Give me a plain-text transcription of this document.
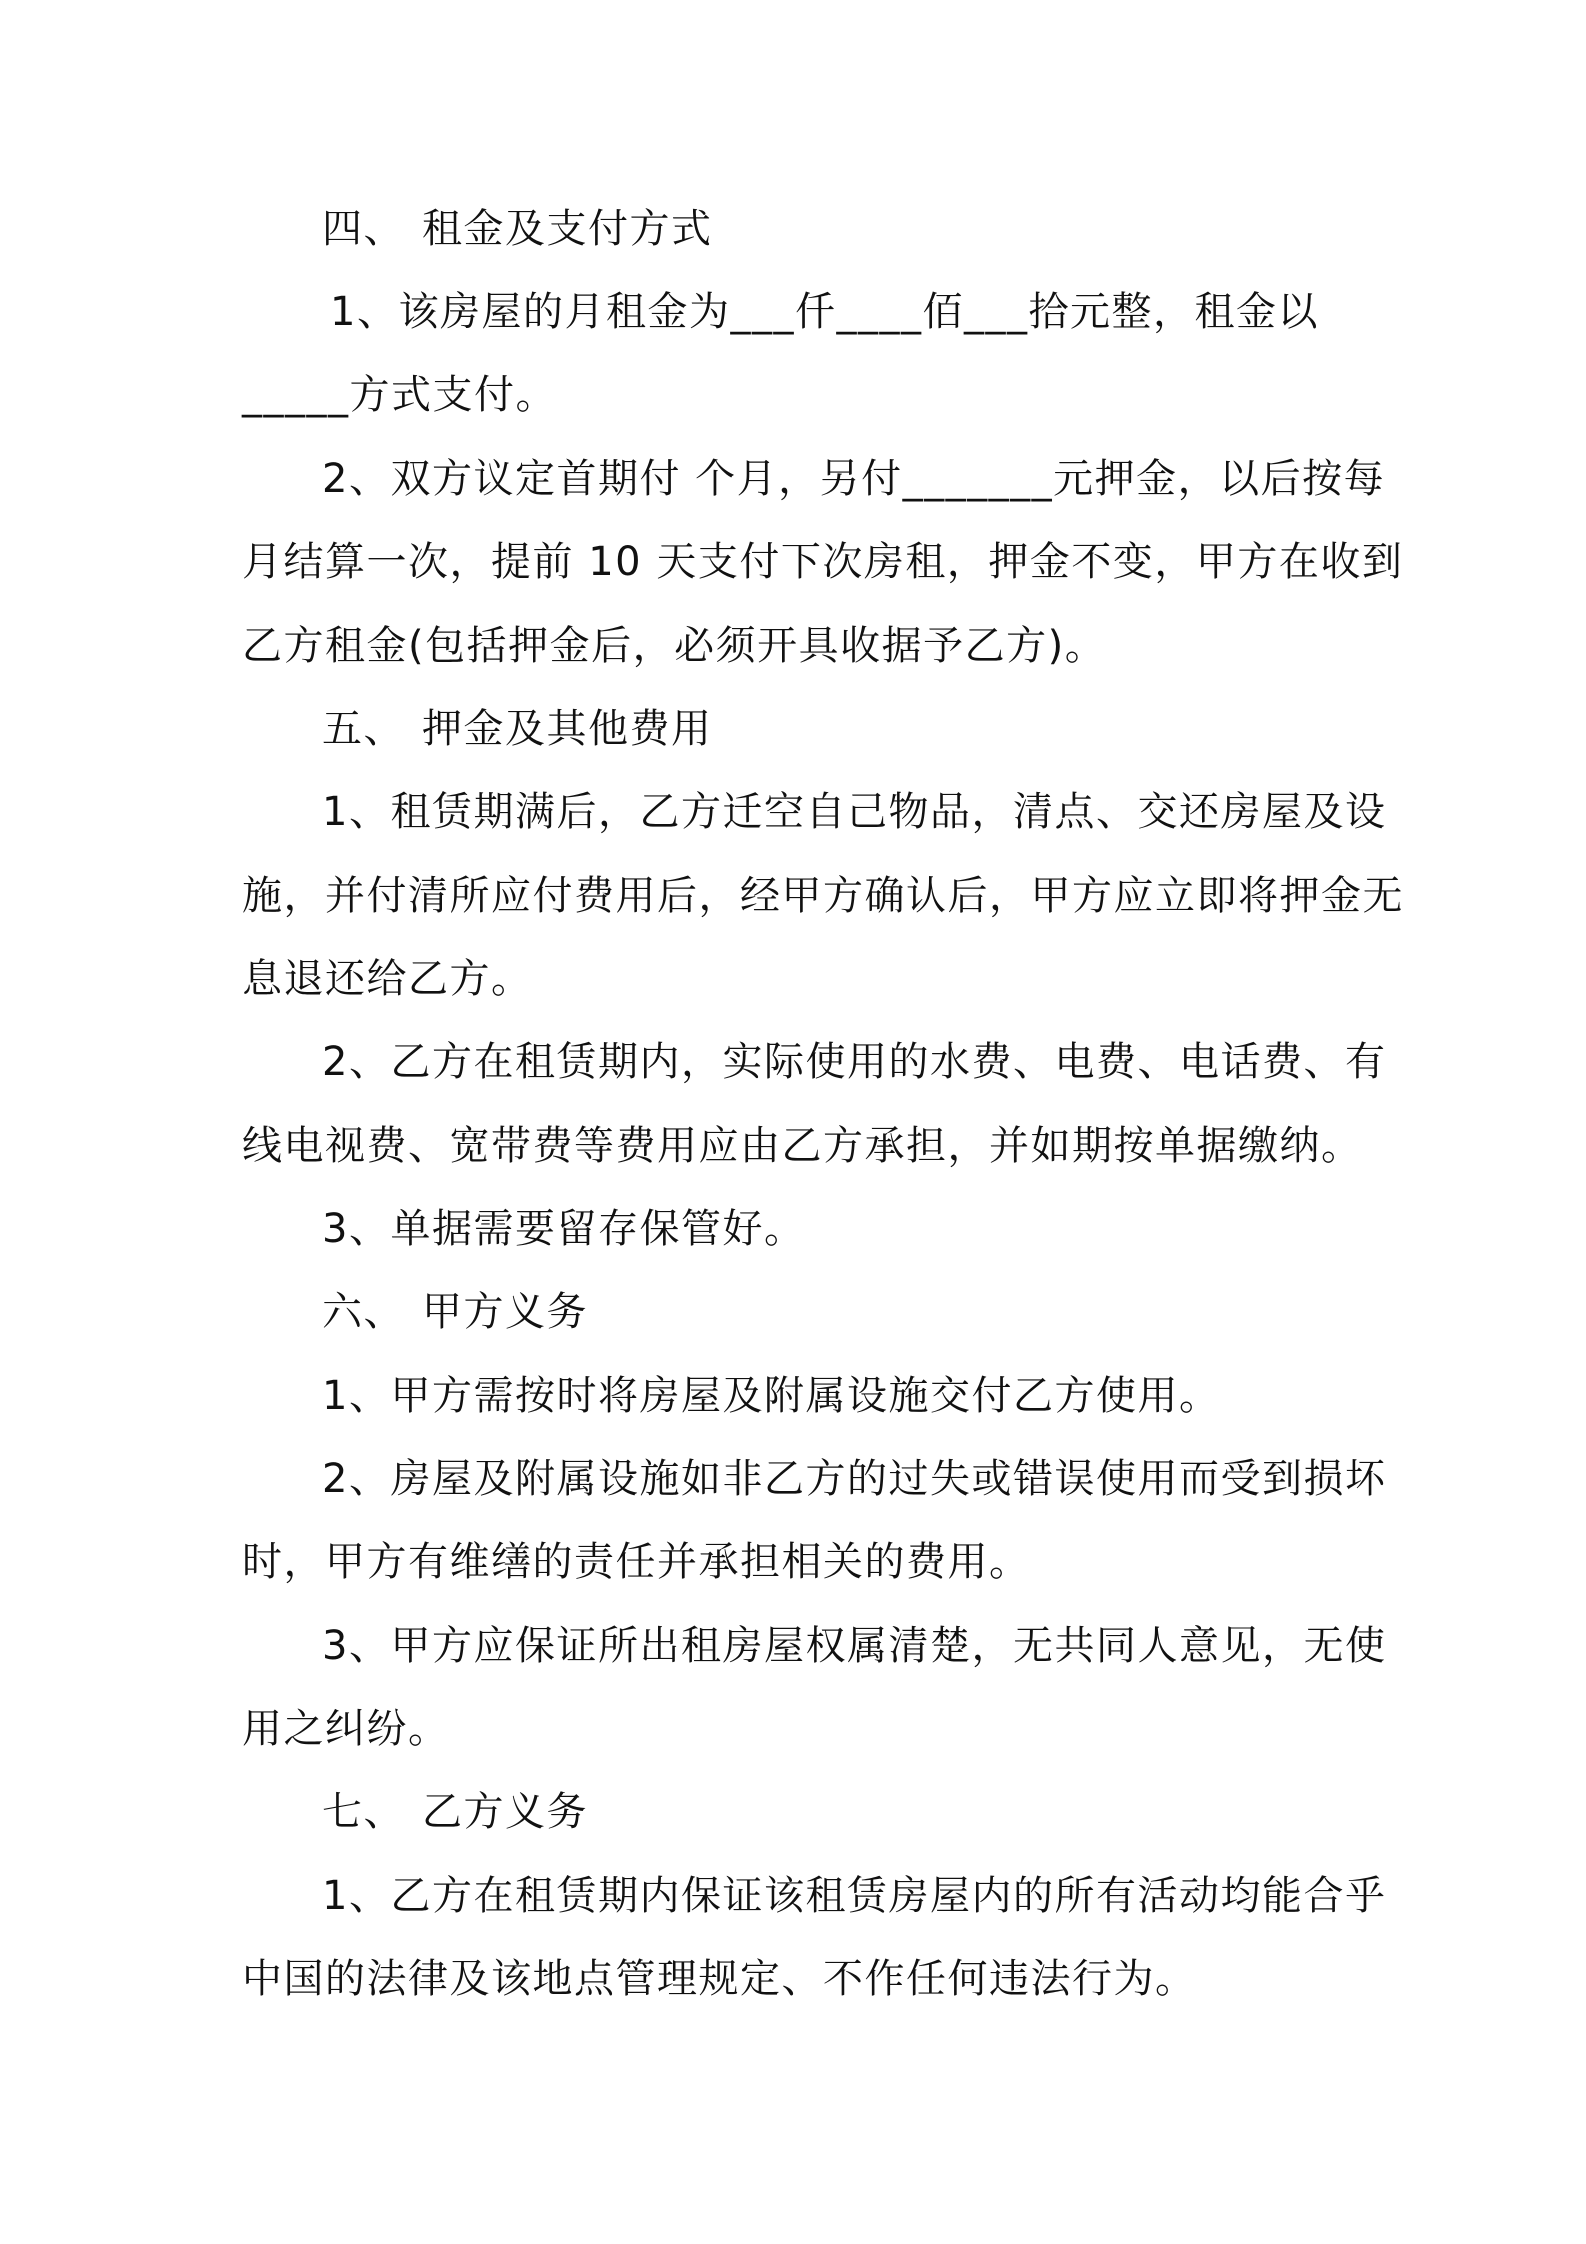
四、 租金及支付方式
1、该房屋的月租金为___仟____佰___拾元整，租金以
_____方式支付。
2、双方议定首期付 个月，另付_______元押金，以后按每
月结算一次，提前 10 天支付下次房租，押金不变，甲方在收到
乙方租金(包括押金后，必须开具收据予乙方)。
五、 押金及其他费用
1、租赁期满后，乙方迁空自己物品，清点、交还房屋及设
施，并付清所应付费用后，经甲方确认后，甲方应立即将押金无
息退还给乙方。
2、乙方在租赁期内，实际使用的水费、电费、电话费、有
线电视费、宽带费等费用应由乙方承担，并如期按单据缴纳。
3、单据需要留存保管好。
六、 甲方义务
1、甲方需按时将房屋及附属设施交付乙方使用。
2、房屋及附属设施如非乙方的过失或错误使用而受到损坏
时，甲方有维缮的责任并承担相关的费用。
3、甲方应保证所出租房屋权属清楚，无共同人意见，无使
用之纠纷。
七、 乙方义务
1、乙方在租赁期内保证该租赁房屋内的所有活动均能合乎
中国的法律及该地点管理规定、不作任何违法行为。
